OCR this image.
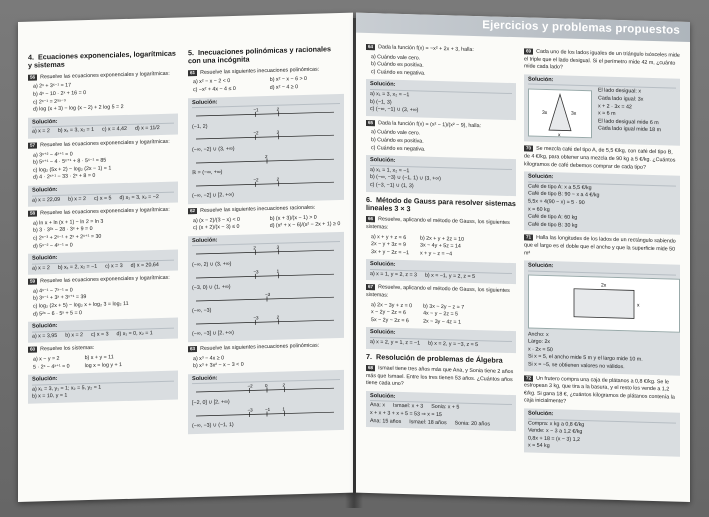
4. Ecuaciones exponenciales, logarítmicas y sistemas
56 Resuelve las ecuaciones exponenciales y logarítmicas:
a) 2ˣ + 3ˣ⁻¹ = 17
b) 4ˣ − 10 · 2ˣ + 16 = 0
c) 2ˣ⁻¹ = 2⁵ˣ⁻³
d) log (x + 3) − log (x − 2) + 2 log 5 = 2
Solución:
a) x = 2 b) x₁ = 3, x₂ = 1 c) x = 4,42 d) x = 11/2
57 Resuelve las ecuaciones exponenciales y logarítmicas:
a) 3ˣ⁺² − 4ˣ⁺¹ = 0
b) 5ˣ⁺¹ − 4 · 5ˣ⁺¹ + 8 · 5ˣ⁻¹ = 85
c) log₂ (5x + 2) − log₂ (2x − 1) = 1
d) 4 · 2ˣ⁺¹ − 33 · 2ˣ + 8 = 0
Solución:
a) x = 22,09 b) x = 2 c) x = 5 d) x₁ = 3, x₂ = −2
58 Resuelve las ecuaciones exponenciales y logarítmicas:
a) ln x + ln (x + 1) − ln 2 = ln 3
b) 3 · 3²ˣ − 28 · 3ˣ + 9 = 0
c) 2ˣ⁻³ + 2ˣ⁻¹ + 2ˣ + 2ˣ⁺¹ = 30
d) 5ˣ⁻² − 4ˣ⁻¹ = 0
Solución:
a) x = 2 b) x₁ = 2, x₂ = −1 c) x = 3 d) x = 20,64
59 Resuelve las ecuaciones exponenciales y logarítmicas:
a) 4ˣ⁻¹ − 7ˣ⁻¹ = 0
b) 3ˣ⁻¹ + 3ˣ + 3ˣ⁺¹ = 39
c) log₂ (2x + 5) − log₂ x + log₂ 3 = log₂ 11
d) 5²ˣ − 6 · 5ˣ + 5 = 0
Solución:
a) x = 3,95 b) x = 2 c) x = 3 d) x₁ = 0, x₂ = 1
60 Resuelve los sistemas:
a) x − y = 2
5 · 2ˣ − 4ˣ⁺¹ = 0
b) x + y = 11
log x = log y + 1
Solución:
a) x₁ = 3, y₁ = 1; x₂ = 5, y₂ = 1
b) x = 10, y = 1
5. Inecuaciones polinómicas y racionales con una incógnita
61 Resuelve las siguientes inecuaciones polinómicas:
a) x² − x − 2 < 0	b) x² − x − 6 > 0 c) −x² + 4x − 4 ≤ 0	d) x² − 4 ≥ 0
Solución:
−1	2
(−1, 2)
−2	3
(−∞, −2) ∪ (3, +∞)
2
ℝ = (−∞, +∞)
−2	2
(−∞, −2] ∪ [2, +∞)
62 Resuelve las siguientes inecuaciones racionales:
a) (x − 2)/(3 − x) < 0	b) (x + 3)/(x − 1) > 0 c) (x + 2)/(x − 3) ≤ 0	d) (x² + x − 6)/(x² − 2x + 1) ≥ 0
Solución:
2	3
(−∞, 2) ∪ (3, +∞)
−3	1
(−3, 0) ∪ (1, +∞)
−3
(−∞, −3)
−3	2
(−∞, −3] ∪ [2, +∞)
63 Resuelve las siguientes inecuaciones polinómicas:
a) x³ − 4x ≥ 0
b) x³ + 3x² − x − 3 < 0
Solución:
−2	0	2
[−2, 0] ∪ [2, +∞)
−3	−1	1
(−∞, −3) ∪ (−1, 1)
Ejercicios y problemas propuestos
64 Dada la función f(x) = −x² + 2x + 3, halla:
a) Cuándo vale cero.
b) Cuándo es positiva.
c) Cuándo es negativa.
Solución:
a) x₁ = 3, x₂ = −1
b) (−1, 3)
c) (−∞, −1) ∪ (3, +∞)
65 Dada la función f(x) = (x² − 1)/(x² − 9), halla:
a) Cuándo vale cero.
b) Cuándo es positiva.
c) Cuándo es negativa.
Solución:
a) x₁ = 1, x₂ = −1
b) (−∞, −3) ∪ (−1, 1) ∪ (3, +∞)
c) (−3, −1) ∪ (1, 3)
6. Método de Gauss para resolver sistemas lineales 3 × 3
66 Resuelve, aplicando el método de Gauss, los siguientes sistemas:
a) x + y + z = 6
2x − y + 3z = 9
3x + y − 2z = −1
b) 2x + y + 2z = 10
3x − 4y + 5z = 14
x + y − z = −4
Solución:
a) x = 1, y = 2, z = 3 b) x = −1, y = 2, z = 5
67 Resuelve, aplicando el método de Gauss, los siguientes sistemas:
a) 2x − 3y + z = 0
x − 2y − 2z = 6
5x − 2y − 2z = 6
b) 3x − 2y − z = 7
4x − y − 2z = 5
2x − 3y − 4z = 1
Solución:
a) x = 2, y = 1, z = −1 b) x = 2, y = −3, z = 5
7. Resolución de problemas de Álgebra
68 Ismael tiene tres años más que Ana, y Sonia tiene 2 años más que Ismael. Entre los tres tienen 53 años. ¿Cuántos años tiene cada uno?
Solución:
Ana: x Ismael: x + 3 Sonia: x + 5
x + x + 3 + x + 5 = 53 ⇒ x = 15
Ana: 15 años Ismael: 18 años Sonia: 20 años
69 Cada uno de los lados iguales de un triángulo isósceles mide el triple que el lado desigual. Si el perímetro mide 42 m, ¿cuánto mide cada lado?
Solución:
3x	3x
x
El lado desigual: x
Cada lado igual: 3x
x + 2 · 3x = 42
x = 6 m
El lado desigual mide 6 m
Cada lado igual mide 18 m
70 Se mezcla café del tipo A, de 5,5 €/kg, con café del tipo B, de 4 €/kg, para obtener una mezcla de 90 kg a 5 €/kg. ¿Cuántos kilogramos de café debemos comprar de cada tipo?
Solución:
Café de tipo A: x a 5,5 €/kg
Café de tipo B: 90 − x a 4 €/kg
5,5x + 4(90 − x) = 5 · 90
x = 60 kg
Café de tipo A: 60 kg
Café de tipo B: 30 kg
71 Halla las longitudes de los lados de un rectángulo sabiendo que el largo es el doble que el ancho y que la superficie mide 50 m²
Solución:
2x
x
Ancho: x
Largo: 2x
x · 2x = 50
Si x = 5, el ancho mide 5 m y el largo mide 10 m.
Si x = −5, se obtienen valores no válidos.
72 Un frutero compra una caja de plátanos a 0,8 €/kg. Se le estropean 3 kg, que tira a la basura, y el resto los vende a 1,2 €/kg. Si gana 18 €, ¿cuántos kilogramos de plátanos contenía la caja inicialmente?
Solución:
Compra: x kg a 0,8 €/kg
Vende: x − 3 a 1,2 €/kg
0,8x + 18 = (x − 3) 1,2
x = 54 kg
